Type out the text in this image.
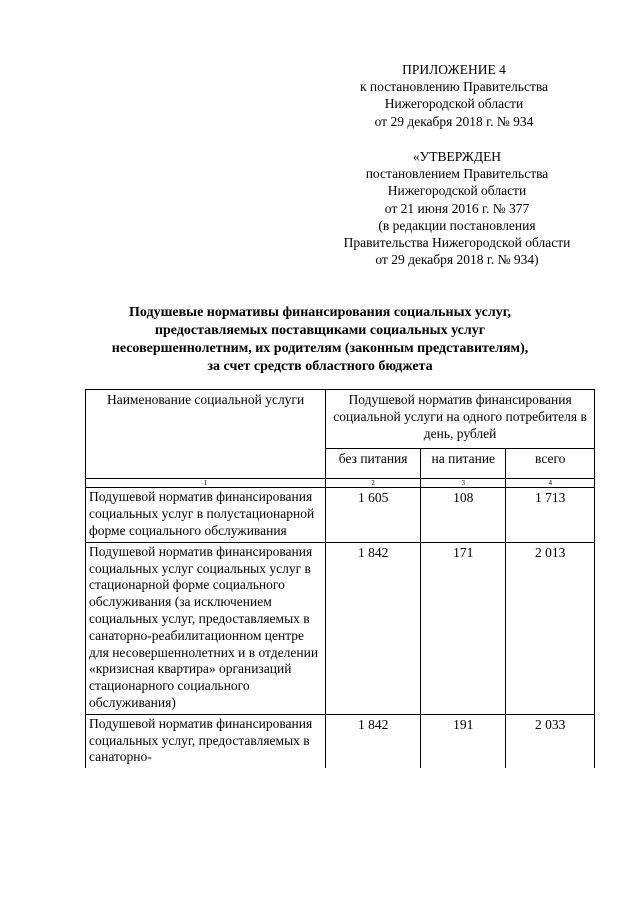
ПРИЛОЖЕНИЕ 4
к постановлению Правительства
Нижегородской области
от 29 декабря 2018 г. № 934
«УТВЕРЖДЕН
постановлением Правительства
Нижегородской области
от 21 июня 2016 г. № 377
(в редакции постановления
Правительства Нижегородской области
от 29 декабря 2018 г. № 934)
Подушевые нормативы финансирования социальных услуг,
предоставляемых поставщиками социальных услуг
несовершеннолетним, их родителям (законным представителям),
за счет средств областного бюджета
Наименование социальной услуги	Подушевой норматив финансирования социальной услуги на одного потребителя в день, рублей		
	без питания	на питание	всего
1	2	3	4
Подушевой норматив финансирования социальных услуг в полустационарной форме социального обслуживания	1 605	108	1 713
Подушевой норматив финансирования социальных услуг социальных услуг в стационарной форме социального обслуживания (за исключением социальных услуг, предоставляемых в санаторно-реабилитационном центре для несовершеннолетних и в отделении «кризисная квартира» организаций стационарного социального обслуживания)	1 842	171	2 013
Подушевой норматив финансирования социальных услуг, предоставляемых в санаторно-	1 842	191	2 033
